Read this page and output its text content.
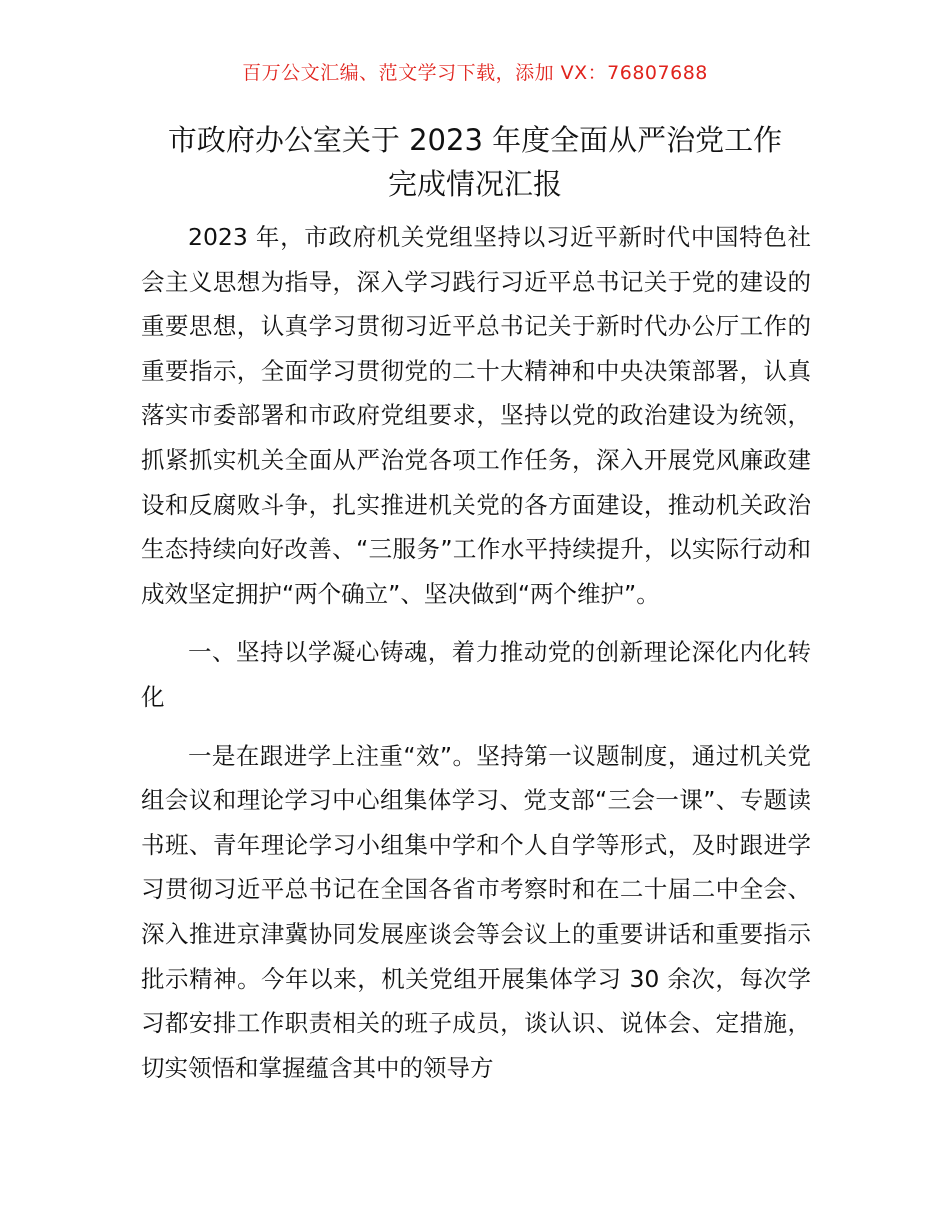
百万公文汇编、范文学习下载，添加 VX：76807688
市政府办公室关于 2023 年度全面从严治党工作
完成情况汇报

2023 年，市政府机关党组坚持以习近平新时代中国特色社会主义思想为指导，深入学习践行习近平总书记关于党的建设的重要思想，认真学习贯彻习近平总书记关于新时代办公厅工作的重要指示，全面学习贯彻党的二十大精神和中央决策部署，认真落实市委部署和市政府党组要求，坚持以党的政治建设为统领，抓紧抓实机关全面从严治党各项工作任务，深入开展党风廉政建设和反腐败斗争，扎实推进机关党的各方面建设，推动机关政治生态持续向好改善、“三服务”工作水平持续提升，以实际行动和成效坚定拥护“两个确立”、坚决做到“两个维护”。

一、坚持以学凝心铸魂，着力推动党的创新理论深化内化转化

一是在跟进学上注重“效”。坚持第一议题制度，通过机关党组会议和理论学习中心组集体学习、党支部“三会一课”、专题读书班、青年理论学习小组集中学和个人自学等形式，及时跟进学习贯彻习近平总书记在全国各省市考察时和在二十届二中全会、深入推进京津冀协同发展座谈会等会议上的重要讲话和重要指示批示精神。今年以来，机关党组开展集体学习 30 余次，每次学习都安排工作职责相关的班子成员，谈认识、说体会、定措施，切实领悟和掌握蕴含其中的领导方
